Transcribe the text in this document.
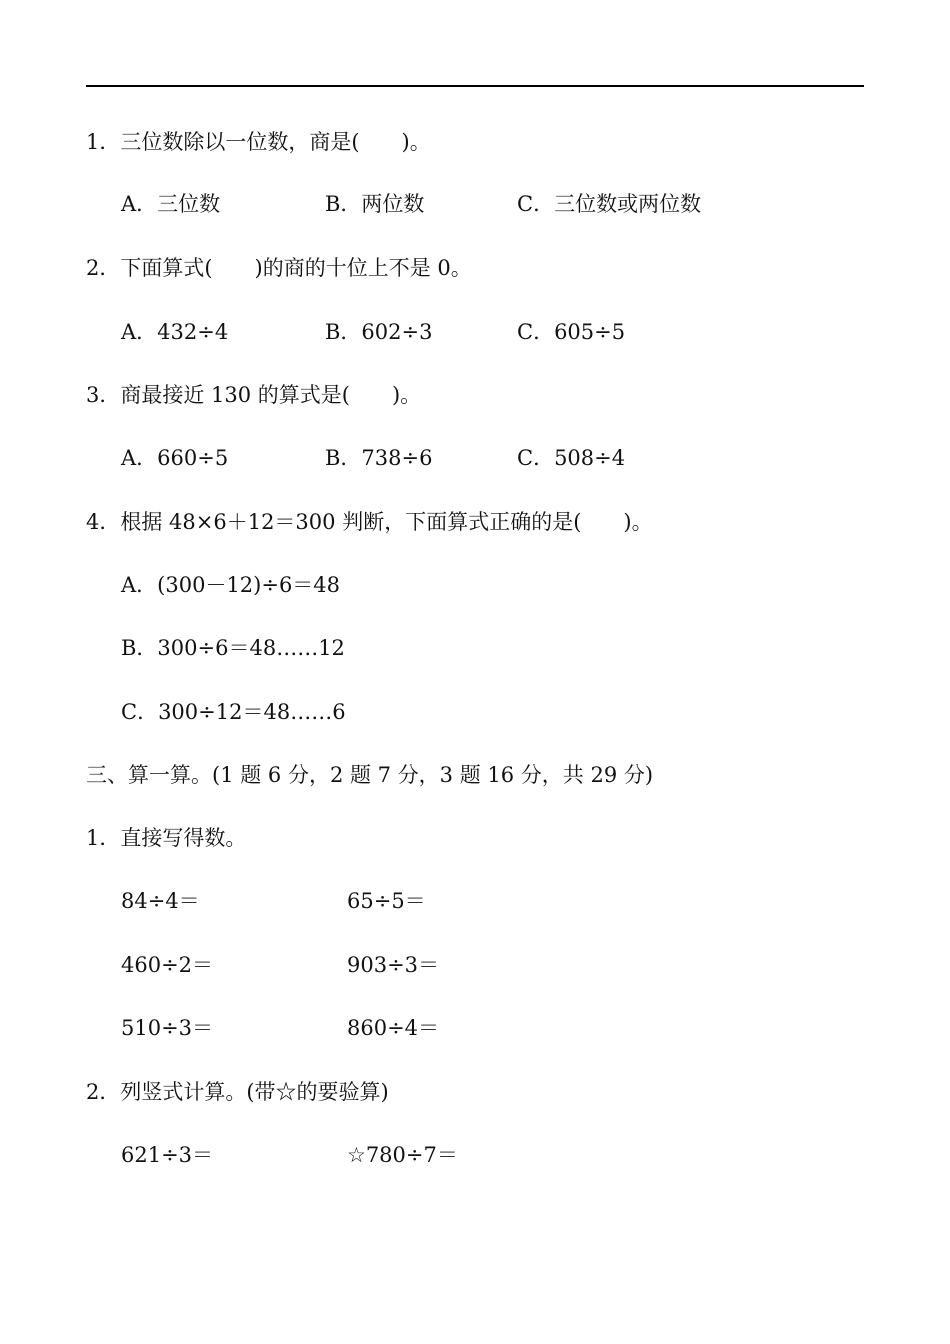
1．三位数除以一位数，商是(　　)。
A．三位数	B．两位数	C．三位数或两位数
2．下面算式(　　)的商的十位上不是 0。
A．432÷4	B．602÷3	C．605÷5
3．商最接近 130 的算式是(　　)。
A．660÷5	B．738÷6	C．508÷4
4．根据 48×6＋12＝300 判断，下面算式正确的是(　　)。
A．(300－12)÷6＝48
B．300÷6＝48……12
C．300÷12＝48……6
三、算一算。(1 题 6 分，2 题 7 分，3 题 16 分，共 29 分)
1．直接写得数。
84÷4＝	65÷5＝
460÷2＝	903÷3＝
510÷3＝	860÷4＝
2．列竖式计算。(带☆的要验算)
621÷3＝	☆780÷7＝
